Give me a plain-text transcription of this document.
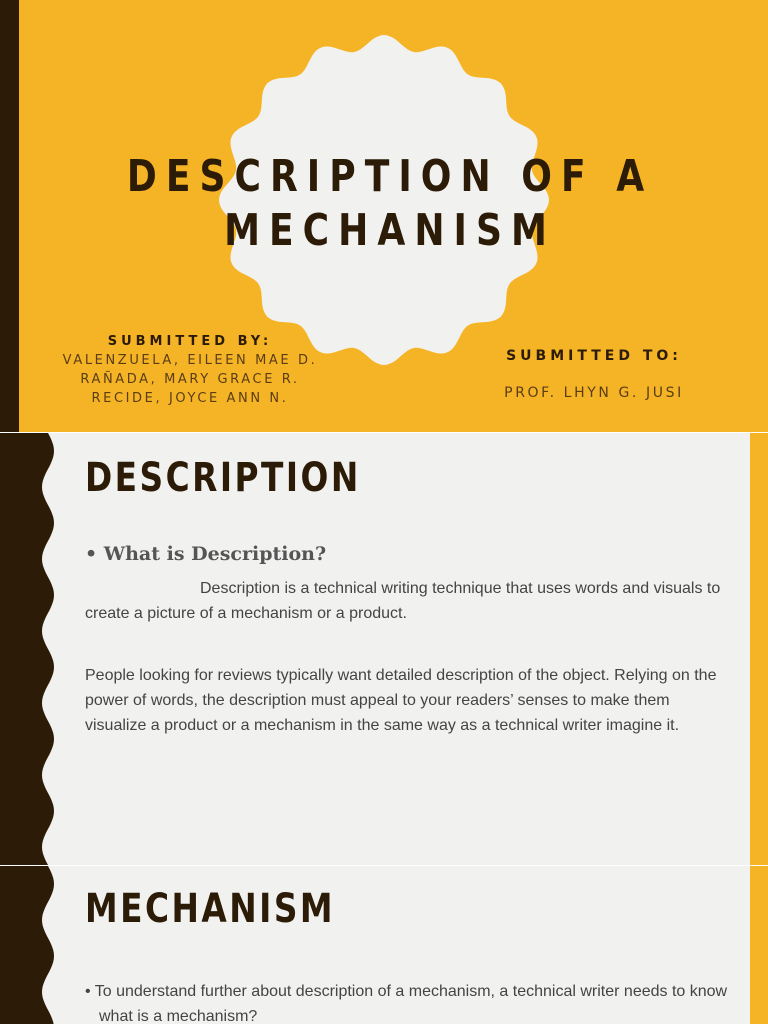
DESCRIPTION OF A
MECHANISM

SUBMITTED BY:

VALENZUELA, EILEEN MAE D.
RAÑADA, MARY GRACE R.
RECIDE, JOYCE ANN N.

SUBMITTED TO:

PROF. LHYN G. JUSI

DESCRIPTION

• What is Description?

Description is a technical writing technique that uses words and visuals to create a picture of a mechanism or a product.

People looking for reviews typically want detailed description of the object. Relying on the power of words, the description must appeal to your readers’ senses to make them visualize a product or a mechanism in the same way as a technical writer imagine it.

MECHANISM

• To understand further about description of a mechanism, a technical writer needs to know what is a mechanism?
